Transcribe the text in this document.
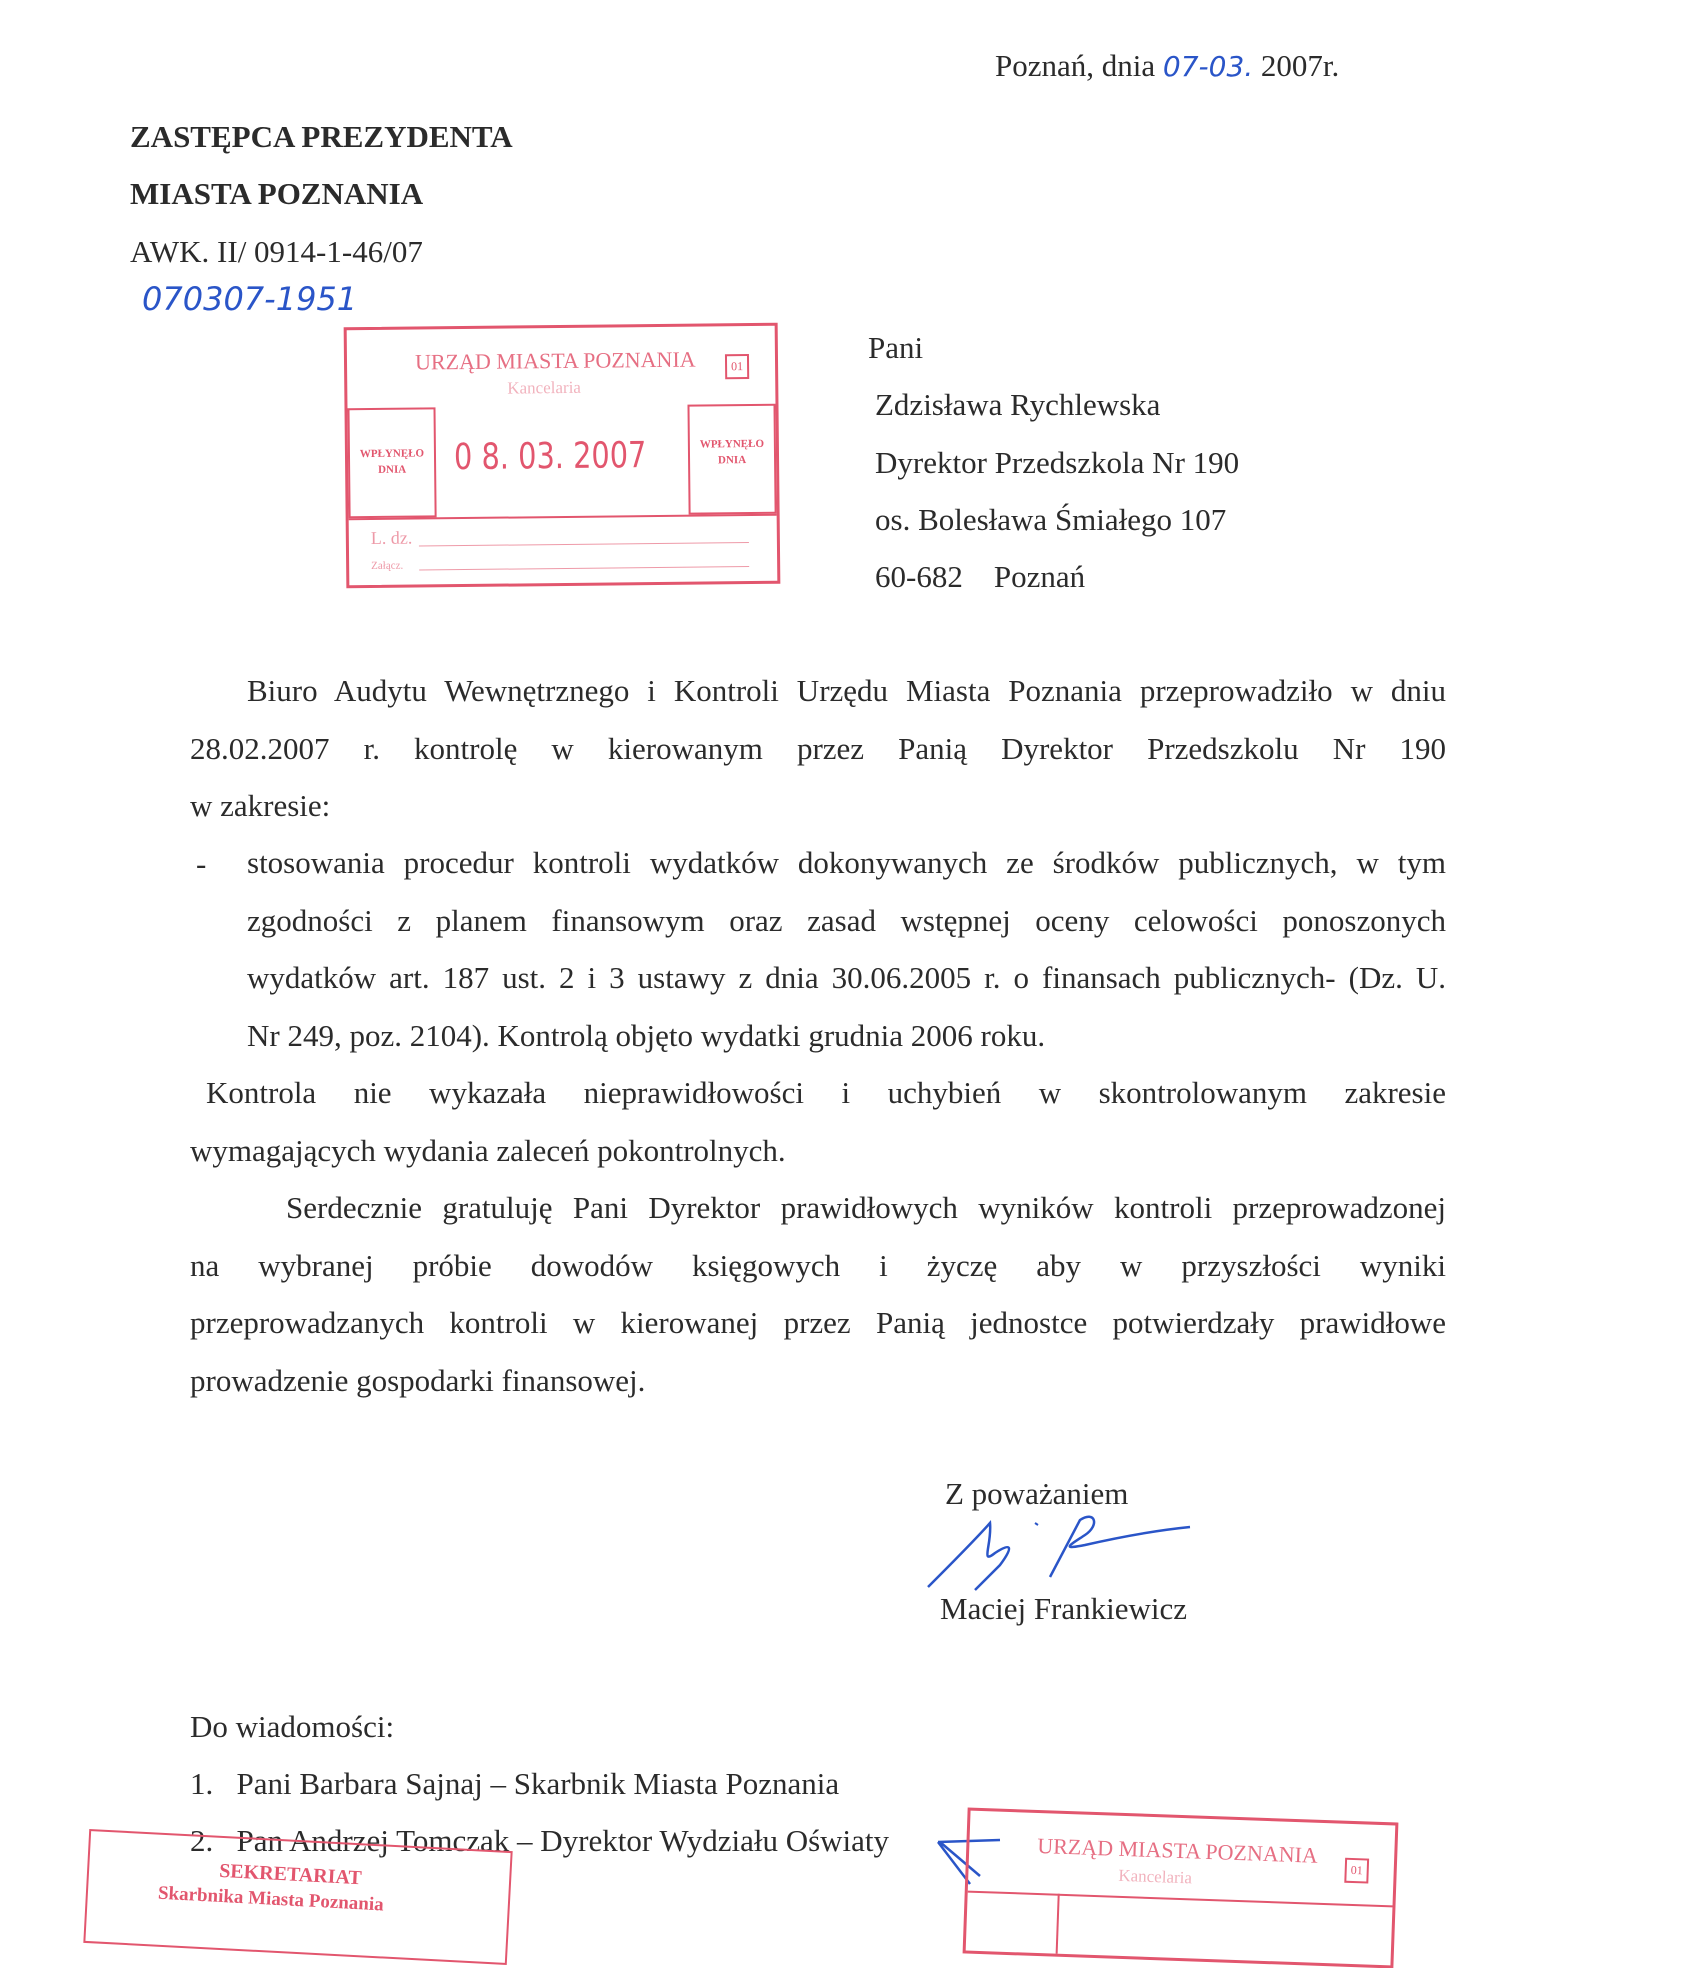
Poznań, dnia 07-03. 2007r.
ZASTĘPCA PREZYDENTA
MIASTA POZNANIA
AWK. II/ 0914-1-46/07
070307-1951
URZĄD MIASTA POZNANIA
Kancelaria
01
WPŁYNĘŁO
DNIA	0 8. 03. 2007	WPŁYNĘŁO
DNIA
L. dz.
Załącz.
Pani
Zdzisława Rychlewska
Dyrektor Przedszkola Nr 190
os. Bolesława Śmiałego 107
60-682 Poznań
Biuro Audytu Wewnętrznego i Kontroli Urzędu Miasta Poznania przeprowadziło w dniu
28.02.2007 r. kontrolę w kierowanym przez Panią Dyrektor Przedszkolu Nr 190
w zakresie:
- stosowania procedur kontroli wydatków dokonywanych ze środków publicznych, w tym
zgodności z planem finansowym oraz zasad wstępnej oceny celowości ponoszonych
wydatków art. 187 ust. 2 i 3 ustawy z dnia 30.06.2005 r. o finansach publicznych- (Dz. U.
Nr 249, poz. 2104). Kontrolą objęto wydatki grudnia 2006 roku.
Kontrola nie wykazała nieprawidłowości i uchybień w skontrolowanym zakresie
wymagających wydania zaleceń pokontrolnych.
Serdecznie gratuluję Pani Dyrektor prawidłowych wyników kontroli przeprowadzonej
na wybranej próbie dowodów księgowych i życzę aby w przyszłości wyniki
przeprowadzanych kontroli w kierowanej przez Panią jednostce potwierdzały prawidłowe
prowadzenie gospodarki finansowej.
Z poważaniem
Maciej Frankiewicz
Do wiadomości:
1. Pani Barbara Sajnaj – Skarbnik Miasta Poznania
2. Pan Andrzej Tomczak – Dyrektor Wydziału Oświaty
SEKRETARIAT
Skarbnika Miasta Poznania
URZĄD MIASTA POZNANIA
Kancelaria	01
